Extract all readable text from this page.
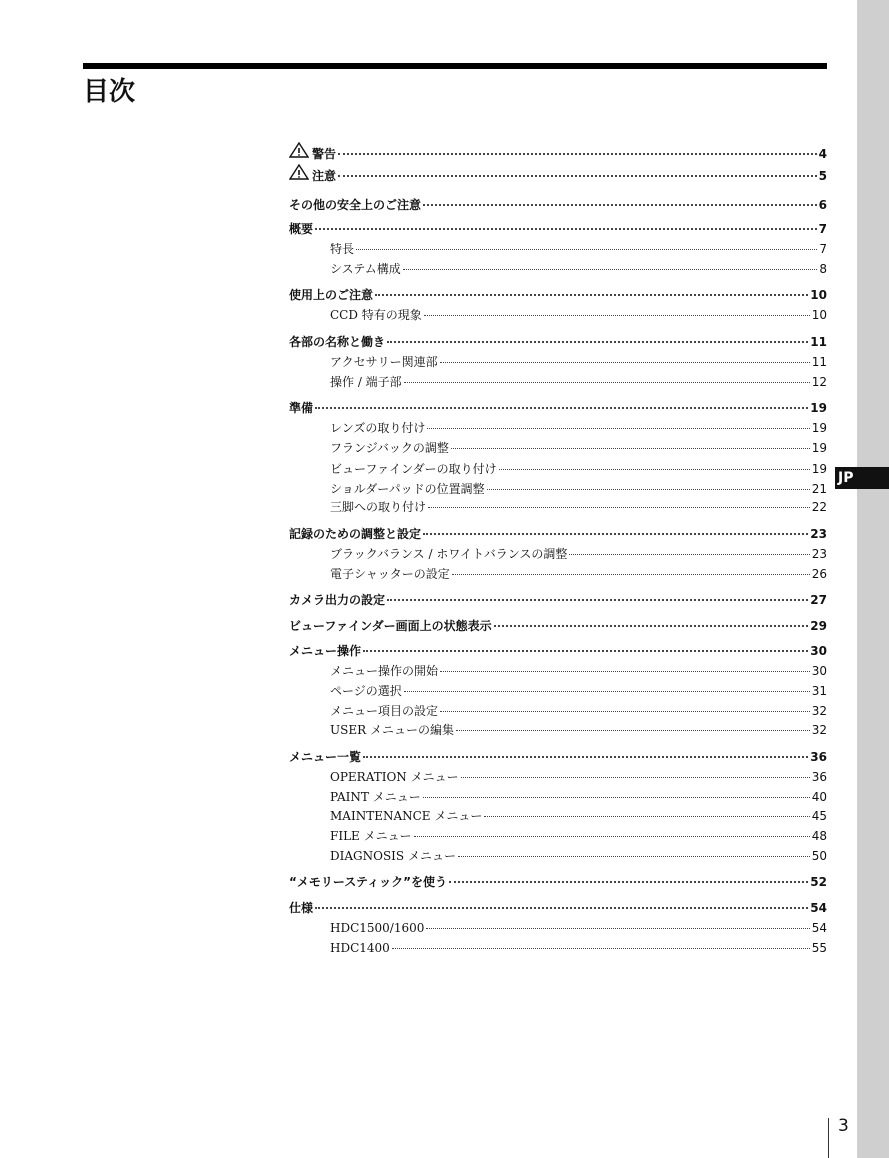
JP
目次
警告	4
注意	5
その他の安全上のご注意	6
概要	7
特長	7
システム構成	8
使用上のご注意	10
CCD 特有の現象	10
各部の名称と働き	11
アクセサリー関連部	11
操作 / 端子部	12
準備	19
レンズの取り付け	19
フランジバックの調整	19
ビューファインダーの取り付け	19
ショルダーパッドの位置調整	21
三脚への取り付け	22
記録のための調整と設定	23
ブラックバランス / ホワイトバランスの調整	23
電子シャッターの設定	26
カメラ出力の設定	27
ビューファインダー画面上の状態表示	29
メニュー操作	30
メニュー操作の開始	30
ページの選択	31
メニュー項目の設定	32
USER メニューの編集	32
メニュー一覧	36
OPERATION メニュー	36
PAINT メニュー	40
MAINTENANCE メニュー	45
FILE メニュー	48
DIAGNOSIS メニュー	50
“メモリースティック”を使う	52
仕様	54
HDC1500/1600	54
HDC1400	55
3
